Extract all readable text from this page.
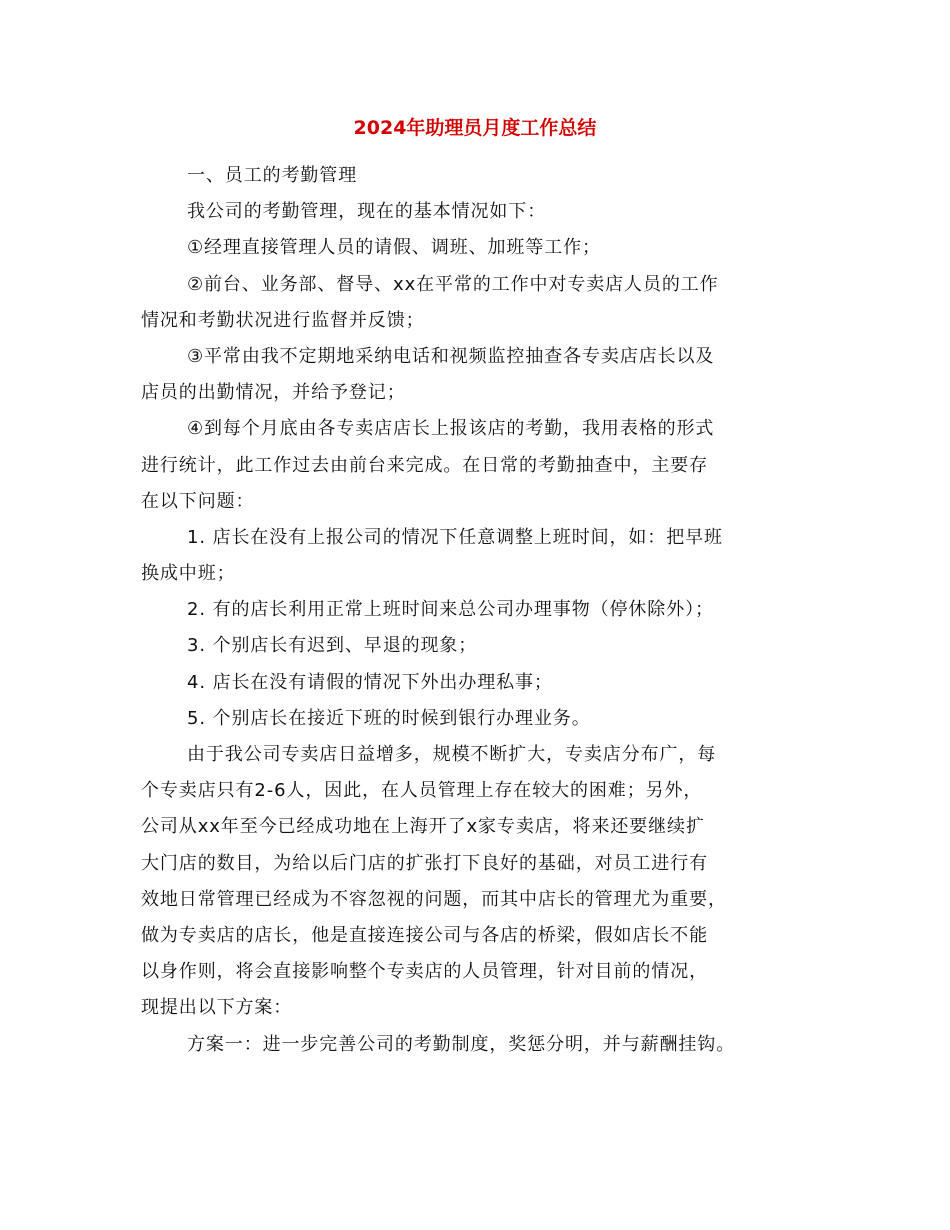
2024年助理员月度工作总结
一、员工的考勤管理
我公司的考勤管理，现在的基本情况如下：
①经理直接管理人员的请假、调班、加班等工作；
②前台、业务部、督导、xx在平常的工作中对专卖店人员的工作
情况和考勤状况进行监督并反馈；
③平常由我不定期地采纳电话和视频监控抽查各专卖店店长以及
店员的出勤情况，并给予登记；
④到每个月底由各专卖店店长上报该店的考勤，我用表格的形式
进行统计，此工作过去由前台来完成。在日常的考勤抽查中，主要存
在以下问题：
1. 店长在没有上报公司的情况下任意调整上班时间，如：把早班
换成中班；
2. 有的店长利用正常上班时间来总公司办理事物（停休除外）；
3. 个别店长有迟到、早退的现象；
4. 店长在没有请假的情况下外出办理私事；
5. 个别店长在接近下班的时候到银行办理业务。
由于我公司专卖店日益增多，规模不断扩大，专卖店分布广，每
个专卖店只有2-6人，因此，在人员管理上存在较大的困难；另外，
公司从xx年至今已经成功地在上海开了x家专卖店，将来还要继续扩
大门店的数目，为给以后门店的扩张打下良好的基础，对员工进行有
效地日常管理已经成为不容忽视的问题，而其中店长的管理尤为重要，
做为专卖店的店长，他是直接连接公司与各店的桥梁，假如店长不能
以身作则，将会直接影响整个专卖店的人员管理，针对目前的情况，
现提出以下方案：
方案一：进一步完善公司的考勤制度，奖惩分明，并与薪酬挂钩。
